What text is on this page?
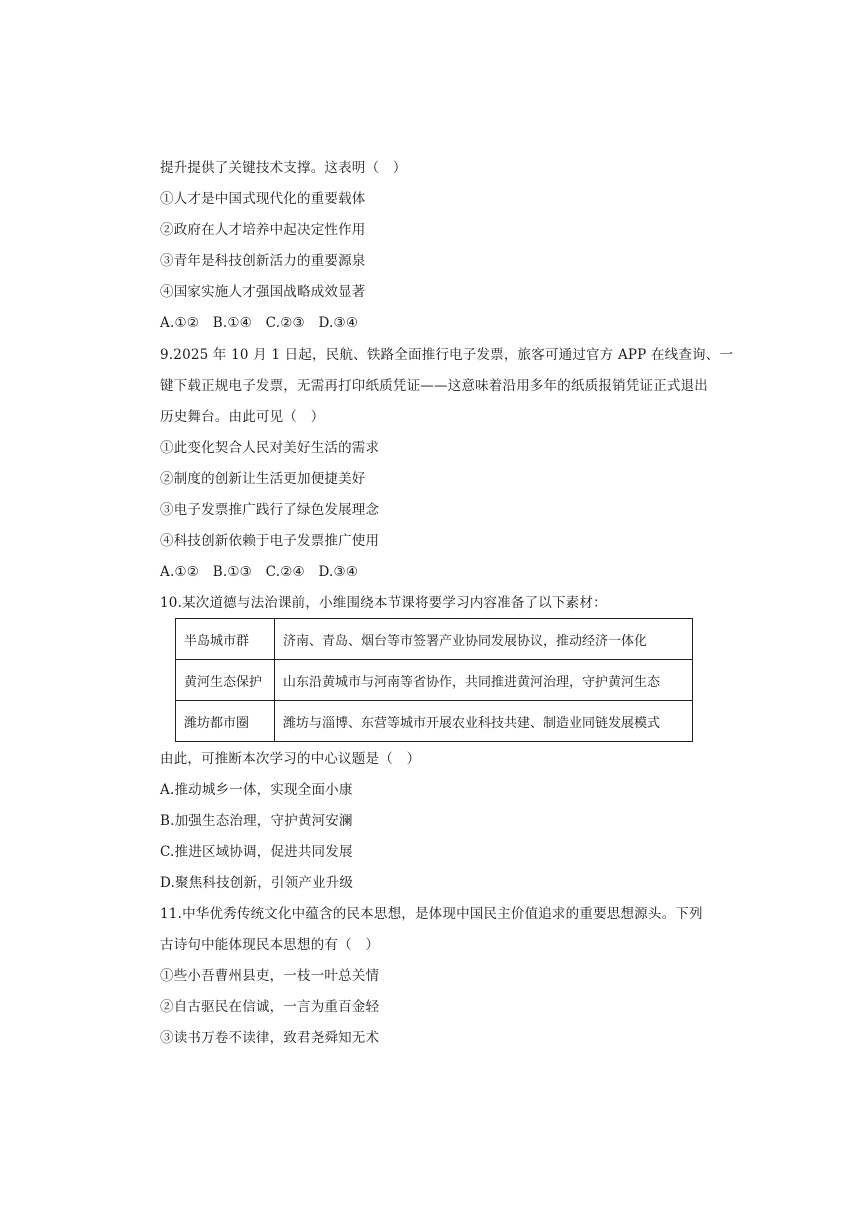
提升提供了关键技术支撑。这表明（　）
①人才是中国式现代化的重要载体
②政府在人才培养中起决定性作用
③青年是科技创新活力的重要源泉
④国家实施人才强国战略成效显著
A.①②　B.①④　C.②③　D.③④
9.2025 年 10 月 1 日起，民航、铁路全面推行电子发票，旅客可通过官方 APP 在线查询、一
键下载正规电子发票，无需再打印纸质凭证——这意味着沿用多年的纸质报销凭证正式退出
历史舞台。由此可见（　）
①此变化契合人民对美好生活的需求
②制度的创新让生活更加便捷美好
③电子发票推广践行了绿色发展理念
④科技创新依赖于电子发票推广使用
A.①②　B.①③　C.②④　D.③④
10.某次道德与法治课前，小维围绕本节课将要学习内容准备了以下素材：
半岛城市群	济南、青岛、烟台等市签署产业协同发展协议，推动经济一体化
黄河生态保护	山东沿黄城市与河南等省协作，共同推进黄河治理，守护黄河生态
潍坊都市圈	潍坊与淄博、东营等城市开展农业科技共建、制造业同链发展模式
由此，可推断本次学习的中心议题是（　）
A.推动城乡一体，实现全面小康
B.加强生态治理，守护黄河安澜
C.推进区域协调，促进共同发展
D.聚焦科技创新，引领产业升级
11.中华优秀传统文化中蕴含的民本思想，是体现中国民主价值追求的重要思想源头。下列
古诗句中能体现民本思想的有（　）
①些小吾曹州县吏，一枝一叶总关情
②自古驱民在信诚，一言为重百金轻
③读书万卷不读律，致君尧舜知无术
